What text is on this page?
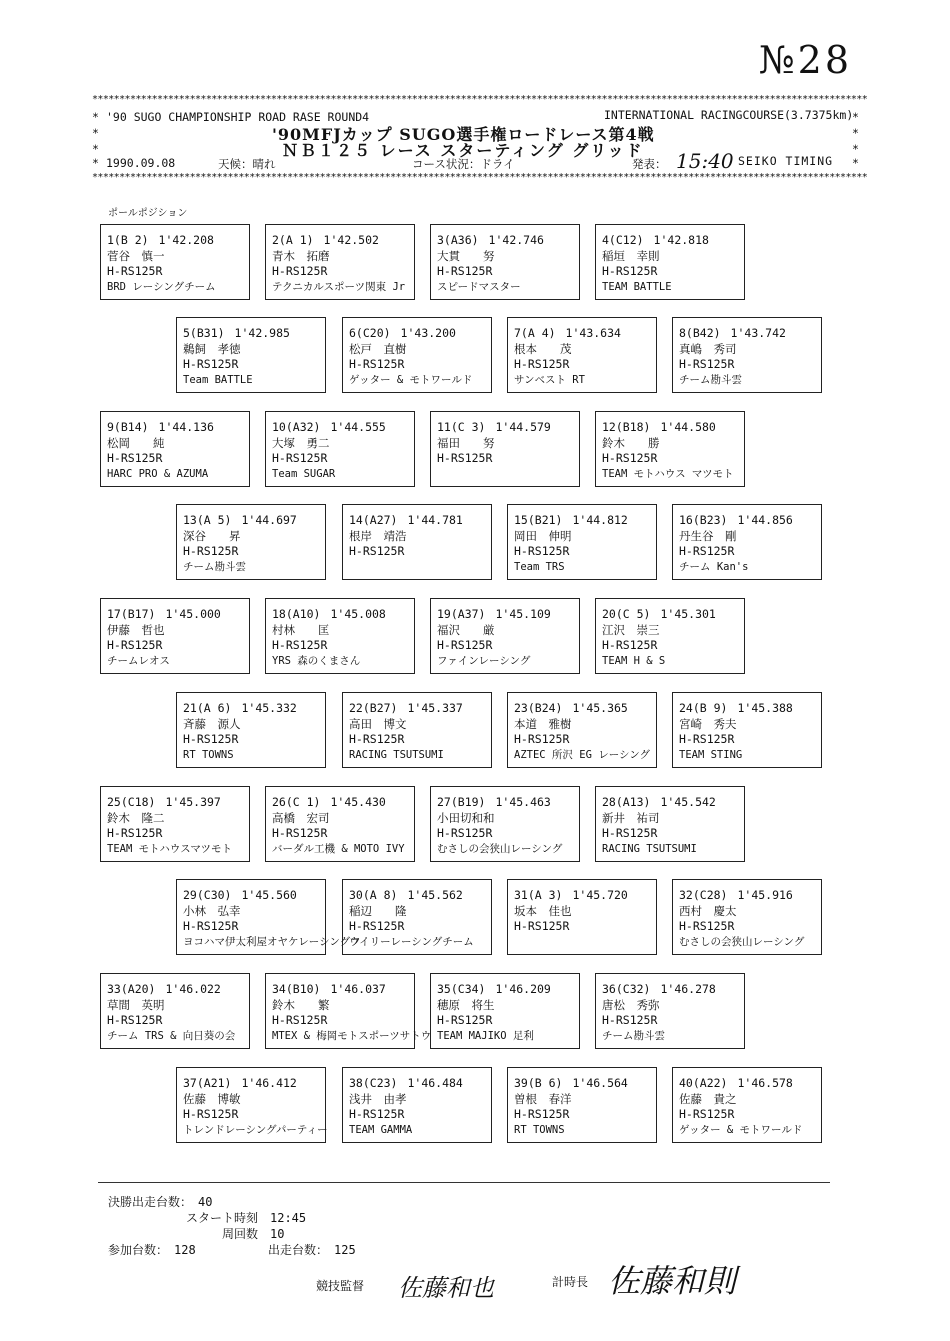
№28
***********************************************************************************************************************************************
***********************************************************************************************************************************************
*
*
*
*
*
*
*
*
'90 SUGO CHAMPIONSHIP ROAD RASE ROUND4	INTERNATIONAL RACINGCOURSE(3.7375km)
'90MFJカップ SUGO選手権ロードレース第4戦
ＮＢ１２５ レース スターティング グリッド
1990.09.08	天候：晴れ	コース状況：ドライ	発表： 15:40 SEIKO TIMING
ポールポジション
1(B 2) 1'42.208
菅谷　慎一
H-RS125R
BRD レーシングチーム
2(A 1) 1'42.502
青木　拓磨
H-RS125R
テクニカルスポーツ関東 Jr
3(A36) 1'42.746
大貫　　努
H-RS125R
スピードマスター
4(C12) 1'42.818
稲垣　幸則
H-RS125R
TEAM BATTLE
5(B31) 1'42.985
鵜飼　孝徳
H-RS125R
Team BATTLE
6(C20) 1'43.200
松戸　直樹
H-RS125R
ゲッター & モトワールド
7(A 4) 1'43.634
根本　　茂
H-RS125R
サンベスト RT
8(B42) 1'43.742
真嶋　秀司
H-RS125R
チーム勘斗雲
9(B14) 1'44.136
松岡　　純
H-RS125R
HARC PRO & AZUMA
10(A32) 1'44.555
大塚　勇二
H-RS125R
Team SUGAR
11(C 3) 1'44.579
福田　　努
H-RS125R
12(B18) 1'44.580
鈴木　　勝
H-RS125R
TEAM モトハウス マツモト
13(A 5) 1'44.697
深谷　　昇
H-RS125R
チーム勘斗雲
14(A27) 1'44.781
根岸　靖浩
H-RS125R
15(B21) 1'44.812
岡田　伸明
H-RS125R
Team TRS
16(B23) 1'44.856
丹生谷　剛
H-RS125R
チーム Kan's
17(B17) 1'45.000
伊藤　哲也
H-RS125R
チームレオス
18(A10) 1'45.008
村林　　匡
H-RS125R
YRS 森のくまさん
19(A37) 1'45.109
福沢　　厳
H-RS125R
ファインレーシング
20(C 5) 1'45.301
江沢　崇三
H-RS125R
TEAM H & S
21(A 6) 1'45.332
斉藤　源人
H-RS125R
RT TOWNS
22(B27) 1'45.337
高田　博文
H-RS125R
RACING TSUTSUMI
23(B24) 1'45.365
本道　雅樹
H-RS125R
AZTEC 所沢 EG レーシング
24(B 9) 1'45.388
宮崎　秀夫
H-RS125R
TEAM STING
25(C18) 1'45.397
鈴木　隆二
H-RS125R
TEAM モトハウスマツモト
26(C 1) 1'45.430
高橋　宏司
H-RS125R
バーダル工機 & MOTO IVY
27(B19) 1'45.463
小田切和和
H-RS125R
むさしの会狭山レーシング
28(A13) 1'45.542
新井　祐司
H-RS125R
RACING TSUTSUMI
29(C30) 1'45.560
小林　弘幸
H-RS125R
ヨコハマ伊太利屋オヤケレーシングフ
30(A 8) 1'45.562
稲辺　　隆
H-RS125R
ウイリーレーシングチーム
31(A 3) 1'45.720
坂本　佳也
H-RS125R
32(C28) 1'45.916
西村　慶太
H-RS125R
むさしの会狭山レーシング
33(A20) 1'46.022
草間　英明
H-RS125R
チーム TRS & 向日葵の会
34(B10) 1'46.037
鈴木　　繁
H-RS125R
MTEX & 梅岡モトスポーツサトウ
35(C34) 1'46.209
穂原　将生
H-RS125R
TEAM MAJIKO 足利
36(C32) 1'46.278
唐松　秀弥
H-RS125R
チーム勘斗雲
37(A21) 1'46.412
佐藤　博敏
H-RS125R
トレンドレーシングパーティー
38(C23) 1'46.484
浅井　由孝
H-RS125R
TEAM GAMMA
39(B 6) 1'46.564
曽根　春洋
H-RS125R
RT TOWNS
40(A22) 1'46.578
佐藤　貴之
H-RS125R
ゲッター & モトワールド
決勝出走台数：　40
スタート時刻　12:45
周回数　10
参加台数：　128	出走台数：　125
競技監督 佐藤和也	計時長 佐藤和則
